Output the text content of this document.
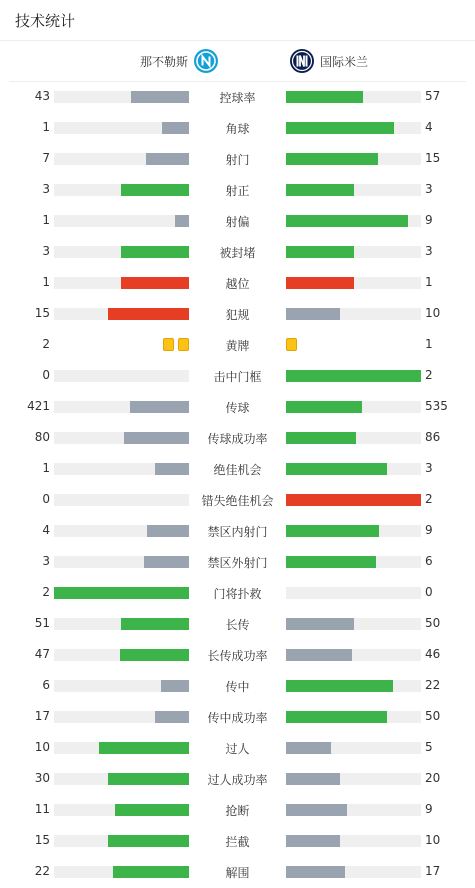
技术统计
那不勒斯	国际米兰
43	控球率	57
1	角球	4
7	射门	15
3	射正	3
1	射偏	9
3	被封堵	3
1	越位	1
15	犯规	10
2	黄牌	1
0	击中门框	2
421	传球	535
80	传球成功率	86
1	绝佳机会	3
0	错失绝佳机会	2
4	禁区内射门	9
3	禁区外射门	6
2	门将扑救	0
51	长传	50
47	长传成功率	46
6	传中	22
17	传中成功率	50
10	过人	5
30	过人成功率	20
11	抢断	9
15	拦截	10
22	解围	17
